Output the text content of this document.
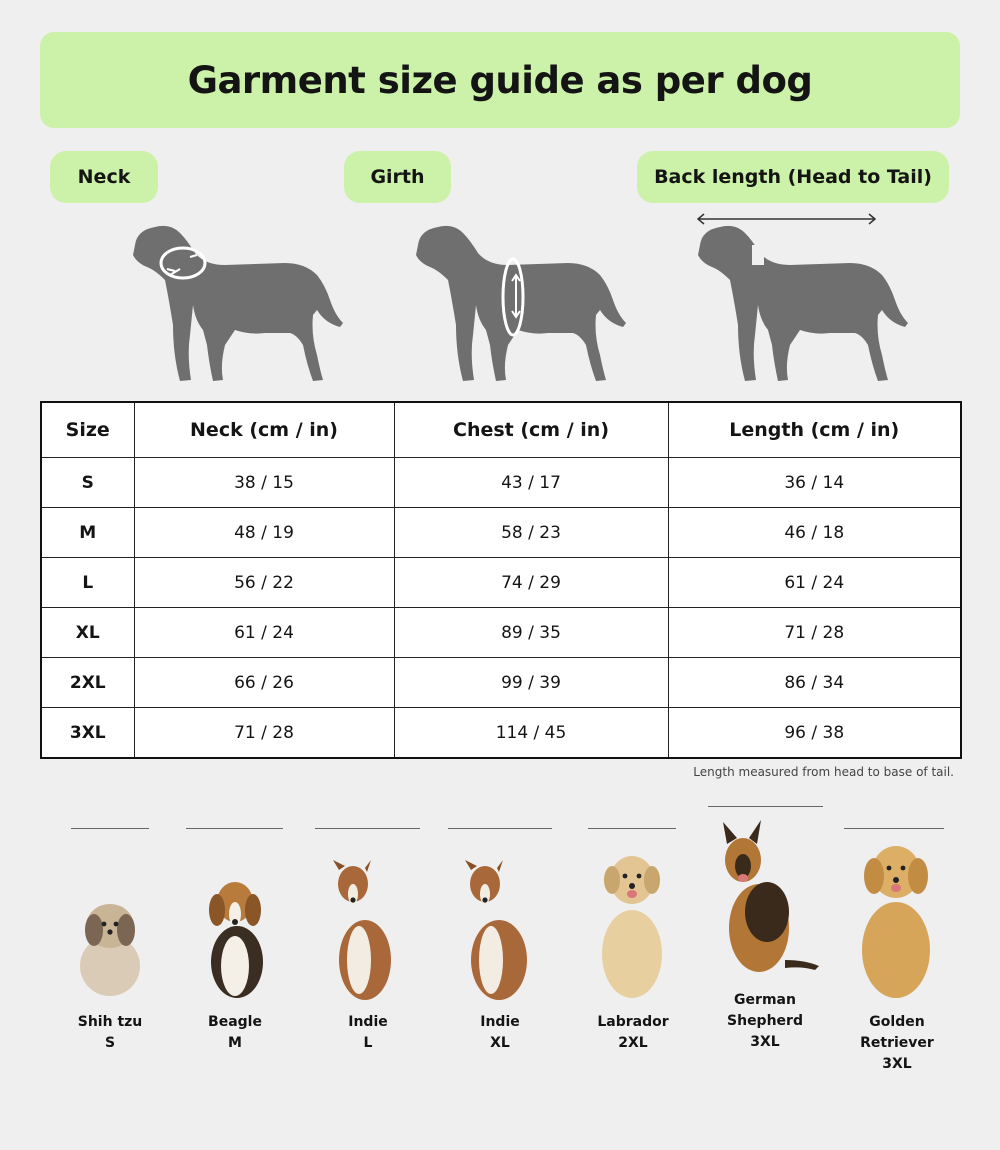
Garment size guide as per dog
Neck	Girth	Back length (Head to Tail)
Size	Neck (cm / in)	Chest (cm / in)	Length (cm / in)
S	38 / 15	43 / 17	36 / 14
M	48 / 19	58 / 23	46 / 18
L	56 / 22	74 / 29	61 / 24
XL	61 / 24	89 / 35	71 / 28
2XL	66 / 26	99 / 39	86 / 34
3XL	71 / 28	114 / 45	96 / 38
Length measured from head to base of tail.
Shih tzu
S
Beagle
M
Indie
L
Indie
XL
Labrador
2XL
German Shepherd
3XL
Golden Retriever
3XL
